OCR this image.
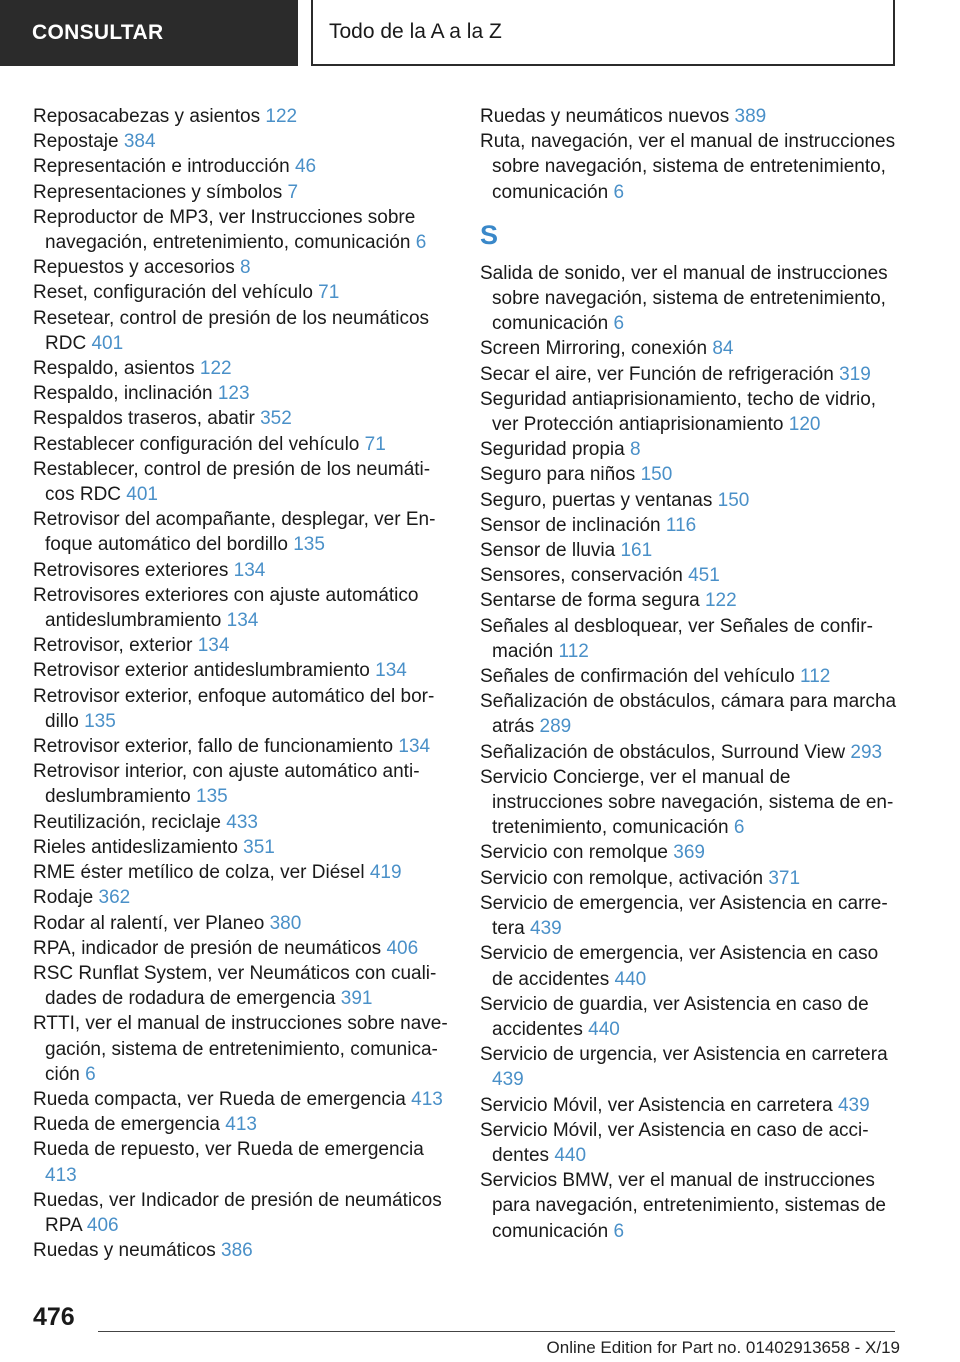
CONSULTAR	Todo de la A a la Z

Reposacabezas y asientos 122

Repostaje 384

Representación e introducción 46

Representaciones y símbolos 7

Reproductor de MP3, ver Instrucciones sobre navegación, entretenimiento, comunicación 6

Repuestos y accesorios 8

Reset, configuración del vehículo 71

Resetear, control de presión de los neumáticos RDC 401

Respaldo, asientos 122

Respaldo, inclinación 123

Respaldos traseros, abatir 352

Restablecer configuración del vehículo 71

Restablecer, control de presión de los neumáticos RDC 401

Retrovisor del acompañante, desplegar, ver Enfoque automático del bordillo 135

Retrovisores exteriores 134

Retrovisores exteriores con ajuste automático antideslumbramiento 134

Retrovisor, exterior 134

Retrovisor exterior antideslumbramiento 134

Retrovisor exterior, enfoque automático del bordillo 135

Retrovisor exterior, fallo de funcionamiento 134

Retrovisor interior, con ajuste automático antideslumbramiento 135

Reutilización, reciclaje 433

Rieles antideslizamiento 351

RME éster metílico de colza, ver Diésel 419

Rodaje 362

Rodar al ralentí, ver Planeo 380

RPA, indicador de presión de neumáticos 406

RSC Runflat System, ver Neumáticos con cualidades de rodadura de emergencia 391

RTTI, ver el manual de instrucciones sobre navegación, sistema de entretenimiento, comunicación 6

Rueda compacta, ver Rueda de emergencia 413

Rueda de emergencia 413

Rueda de repuesto, ver Rueda de emergencia 413

Ruedas, ver Indicador de presión de neumáticos RPA 406

Ruedas y neumáticos 386

Ruedas y neumáticos nuevos 389

Ruta, navegación, ver el manual de instrucciones sobre navegación, sistema de entretenimiento, comunicación 6

S

Salida de sonido, ver el manual de instrucciones sobre navegación, sistema de entretenimiento, comunicación 6

Screen Mirroring, conexión 84

Secar el aire, ver Función de refrigeración 319

Seguridad antiaprisionamiento, techo de vidrio, ver Protección antiaprisionamiento 120

Seguridad propia 8

Seguro para niños 150

Seguro, puertas y ventanas 150

Sensor de inclinación 116

Sensor de lluvia 161

Sensores, conservación 451

Sentarse de forma segura 122

Señales al desbloquear, ver Señales de confirmación 112

Señales de confirmación del vehículo 112

Señalización de obstáculos, cámara para marcha atrás 289

Señalización de obstáculos, Surround View 293

Servicio Concierge, ver el manual de instrucciones sobre navegación, sistema de entretenimiento, comunicación 6

Servicio con remolque 369

Servicio con remolque, activación 371

Servicio de emergencia, ver Asistencia en carretera 439

Servicio de emergencia, ver Asistencia en caso de accidentes 440

Servicio de guardia, ver Asistencia en caso de accidentes 440

Servicio de urgencia, ver Asistencia en carretera 439

Servicio Móvil, ver Asistencia en carretera 439

Servicio Móvil, ver Asistencia en caso de accidentes 440

Servicios BMW, ver el manual de instrucciones para navegación, entretenimiento, sistemas de comunicación 6

476
Online Edition for Part no. 01402913658 - X/19
